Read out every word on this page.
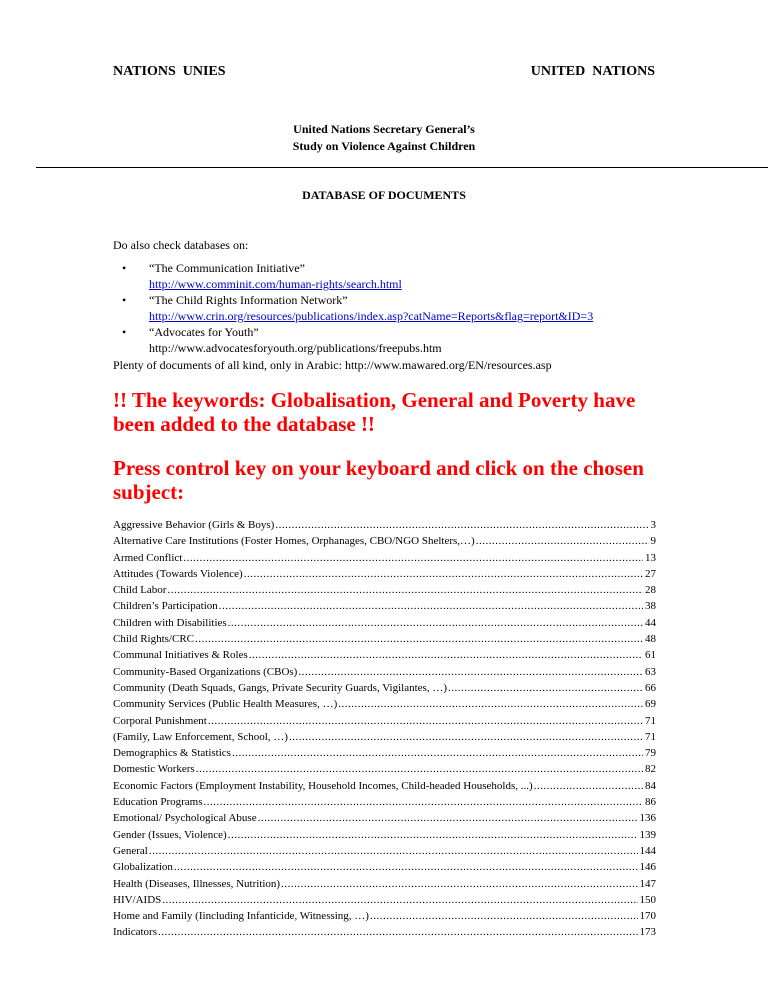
NATIONS  UNIES	UNITED  NATIONS
United Nations Secretary General’s
Study on Violence Against Children
DATABASE OF DOCUMENTS
Do also check databases on:
• “The Communication Initiative”
http://www.comminit.com/human-rights/search.html
• “The Child Rights Information Network”
http://www.crin.org/resources/publications/index.asp?catName=Reports&flag=report&ID=3
• “Advocates for Youth”
http://www.advocatesforyouth.org/publications/freepubs.htm
Plenty of documents of all kind, only in Arabic: http://www.mawared.org/EN/resources.asp
!! The keywords: Globalisation, General and Poverty have been added to the database !!
Press control key on your keyboard and click on the chosen subject:
Aggressive Behavior (Girls & Boys) .....	3
Alternative Care Institutions (Foster Homes, Orphanages, CBO/NGO Shelters,…) .....	9
Armed Conflict .....	13
Attitudes (Towards Violence) .....	27
Child Labor .....	28
Children’s Participation .....	38
Children with Disabilities .....	44
Child Rights/CRC .....	48
Communal Initiatives & Roles .....	61
Community-Based Organizations (CBOs) .....	63
Community (Death Squads, Gangs, Private Security Guards, Vigilantes, …) .....	66
Community Services (Public Health Measures, …) .....	69
Corporal Punishment .....	71
(Family, Law Enforcement, School, …) .....	71
Demographics & Statistics .....	79
Domestic Workers .....	82
Economic Factors (Employment Instability, Household Incomes, Child-headed Households, ...) .....	84
Education Programs .....	86
Emotional/ Psychological Abuse .....	136
Gender (Issues, Violence) .....	139
General .....	144
Globalization .....	146
Health (Diseases, Illnesses, Nutrition) .....	147
HIV/AIDS .....	150
Home and Family (Iincluding Infanticide, Witnessing, …) .....	170
Indicators .....	173
